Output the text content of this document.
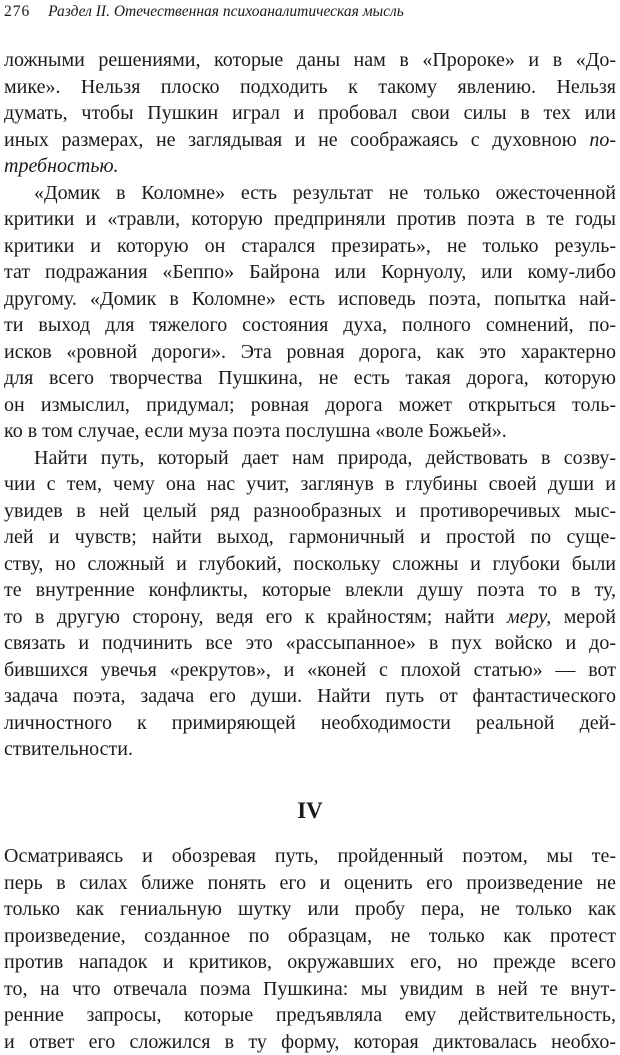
276 Раздел II. Отечественная психоаналитическая мысль
ложными решениями, которые даны нам в «Пророке» и в «До-
мике». Нельзя плоско подходить к такому явлению. Нельзя
думать, чтобы Пушкин играл и пробовал свои силы в тех или
иных размерах, не заглядывая и не соображаясь с духовною по-
требностью.
«Домик в Коломне» есть результат не только ожесточенной
критики и «травли, которую предприняли против поэта в те годы
критики и которую он старался презирать», не только резуль-
тат подражания «Беппо» Байрона или Корнуолу, или кому-либо
другому. «Домик в Коломне» есть исповедь поэта, попытка най-
ти выход для тяжелого состояния духа, полного сомнений, по-
исков «ровной дороги». Эта ровная дорога, как это характерно
для всего творчества Пушкина, не есть такая дорога, которую
он измыслил, придумал; ровная дорога может открыться толь-
ко в том случае, если муза поэта послушна «воле Божьей».
Найти путь, который дает нам природа, действовать в созву-
чии с тем, чему она нас учит, заглянув в глубины своей души и
увидев в ней целый ряд разнообразных и противоречивых мыс-
лей и чувств; найти выход, гармоничный и простой по суще-
ству, но сложный и глубокий, поскольку сложны и глубоки были
те внутренние конфликты, которые влекли душу поэта то в ту,
то в другую сторону, ведя его к крайностям; найти меру, мерой
связать и подчинить все это «рассыпанное» в пух войско и до-
бившихся увечья «рекрутов», и «коней с плохой статью» — вот
задача поэта, задача его души. Найти путь от фантастического
личностного к примиряющей необходимости реальной дей-
ствительности.
IV
Осматриваясь и обозревая путь, пройденный поэтом, мы те-
перь в силах ближе понять его и оценить его произведение не
только как гениальную шутку или пробу пера, не только как
произведение, созданное по образцам, не только как протест
против нападок и критиков, окружавших его, но прежде всего
то, на что отвечала поэма Пушкина: мы увидим в ней те внут-
ренние запросы, которые предъявляла ему действительность,
и ответ его сложился в ту форму, которая диктовалась необхо-
